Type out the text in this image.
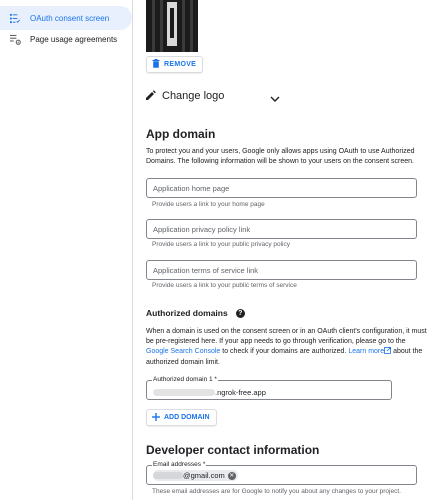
OAuth consent screen
Page usage agreements
REMOVE
Change logo
App domain
To protect you and your users, Google only allows apps using OAuth to use Authorized Domains. The following information will be shown to your users on the consent screen.
Application home page
Provide users a link to your home page
Application privacy policy link
Provide users a link to your public privacy policy
Application terms of service link
Provide users a link to your public terms of service
Authorized domains	?
When a domain is used on the consent screen or in an OAuth client's configuration, it must be pre-registered here. If your app needs to go through verification, please go to the Google Search Console to check if your domains are authorized. Learn more about the authorized domain limit.
Authorized domain 1 *
.ngrok-free.app
ADD DOMAIN
Developer contact information
Email addresses *
@gmail.com ✕
These email addresses are for Google to notify you about any changes to your project.
